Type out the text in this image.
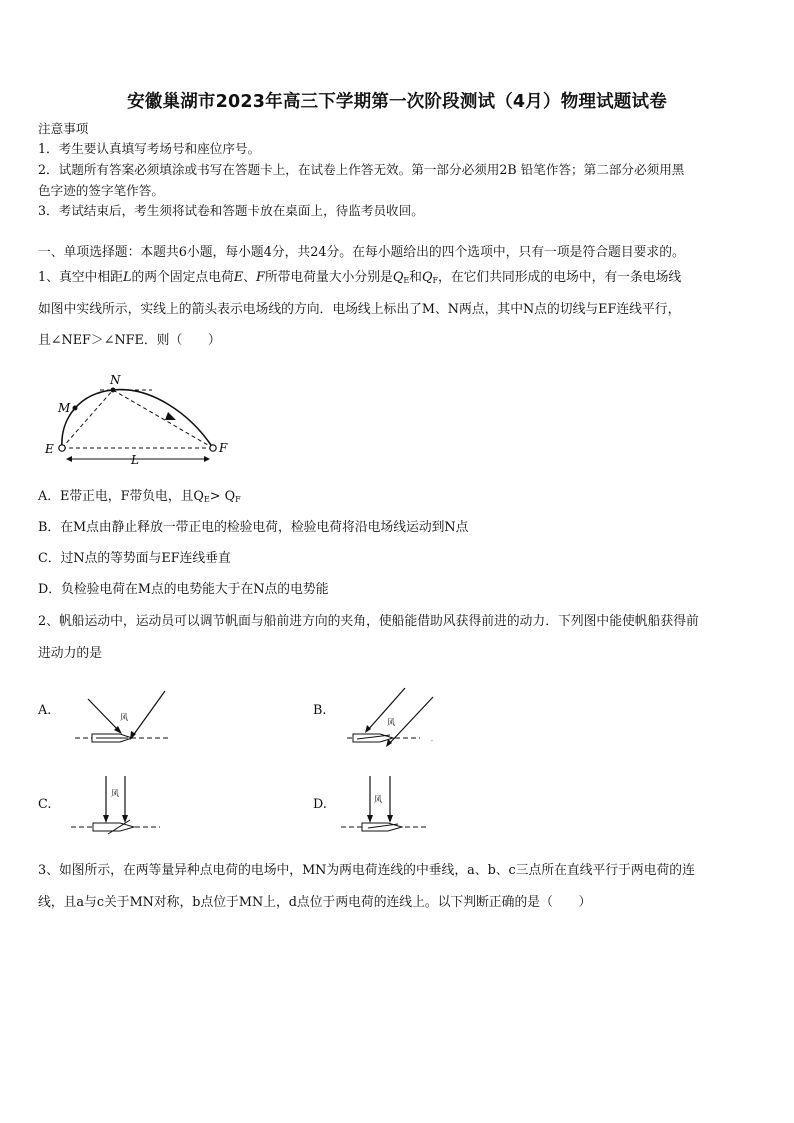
安徽巢湖市2023年高三下学期第一次阶段测试（4月）物理试题试卷
注意事项
1．考生要认真填写考场号和座位序号。
2．试题所有答案必须填涂或书写在答题卡上，在试卷上作答无效。第一部分必须用2B 铅笔作答；第二部分必须用黑
色字迹的签字笔作答。
3．考试结束后，考生须将试卷和答题卡放在桌面上，待监考员收回。
一、单项选择题：本题共6小题，每小题4分，共24分。在每小题给出的四个选项中，只有一项是符合题目要求的。
1、真空中相距L的两个固定点电荷E、F所带电荷量大小分别是$Q_E$和$Q_F$，在它们共同形成的电场中，有一条电场线
如图中实线所示，实线上的箭头表示电场线的方向．电场线上标出了M、N两点，其中N点的切线与EF连线平行，
且∠NEF＞∠NFE．则（　　）
N
M
E	F
L
A．E带正电，F带负电，且$Q_E> Q_F$
B．在M点由静止释放一带正电的检验电荷，检验电荷将沿电场线运动到N点
C．过N点的等势面与EF连线垂直
D．负检验电荷在M点的电势能大于在N点的电势能
2、帆船运动中，运动员可以调节帆面与船前进方向的夹角，使船能借助风获得前进的动力．下列图中能使帆船获得前
进动力的是
A.	风	B.
风
.
C.
风
D.	风
3、如图所示，在两等量异种点电荷的电场中，MN为两电荷连线的中垂线，a、b、c三点所在直线平行于两电荷的连
线，且a与c关于MN对称，b点位于MN上，d点位于两电荷的连线上。以下判断正确的是（　　）
